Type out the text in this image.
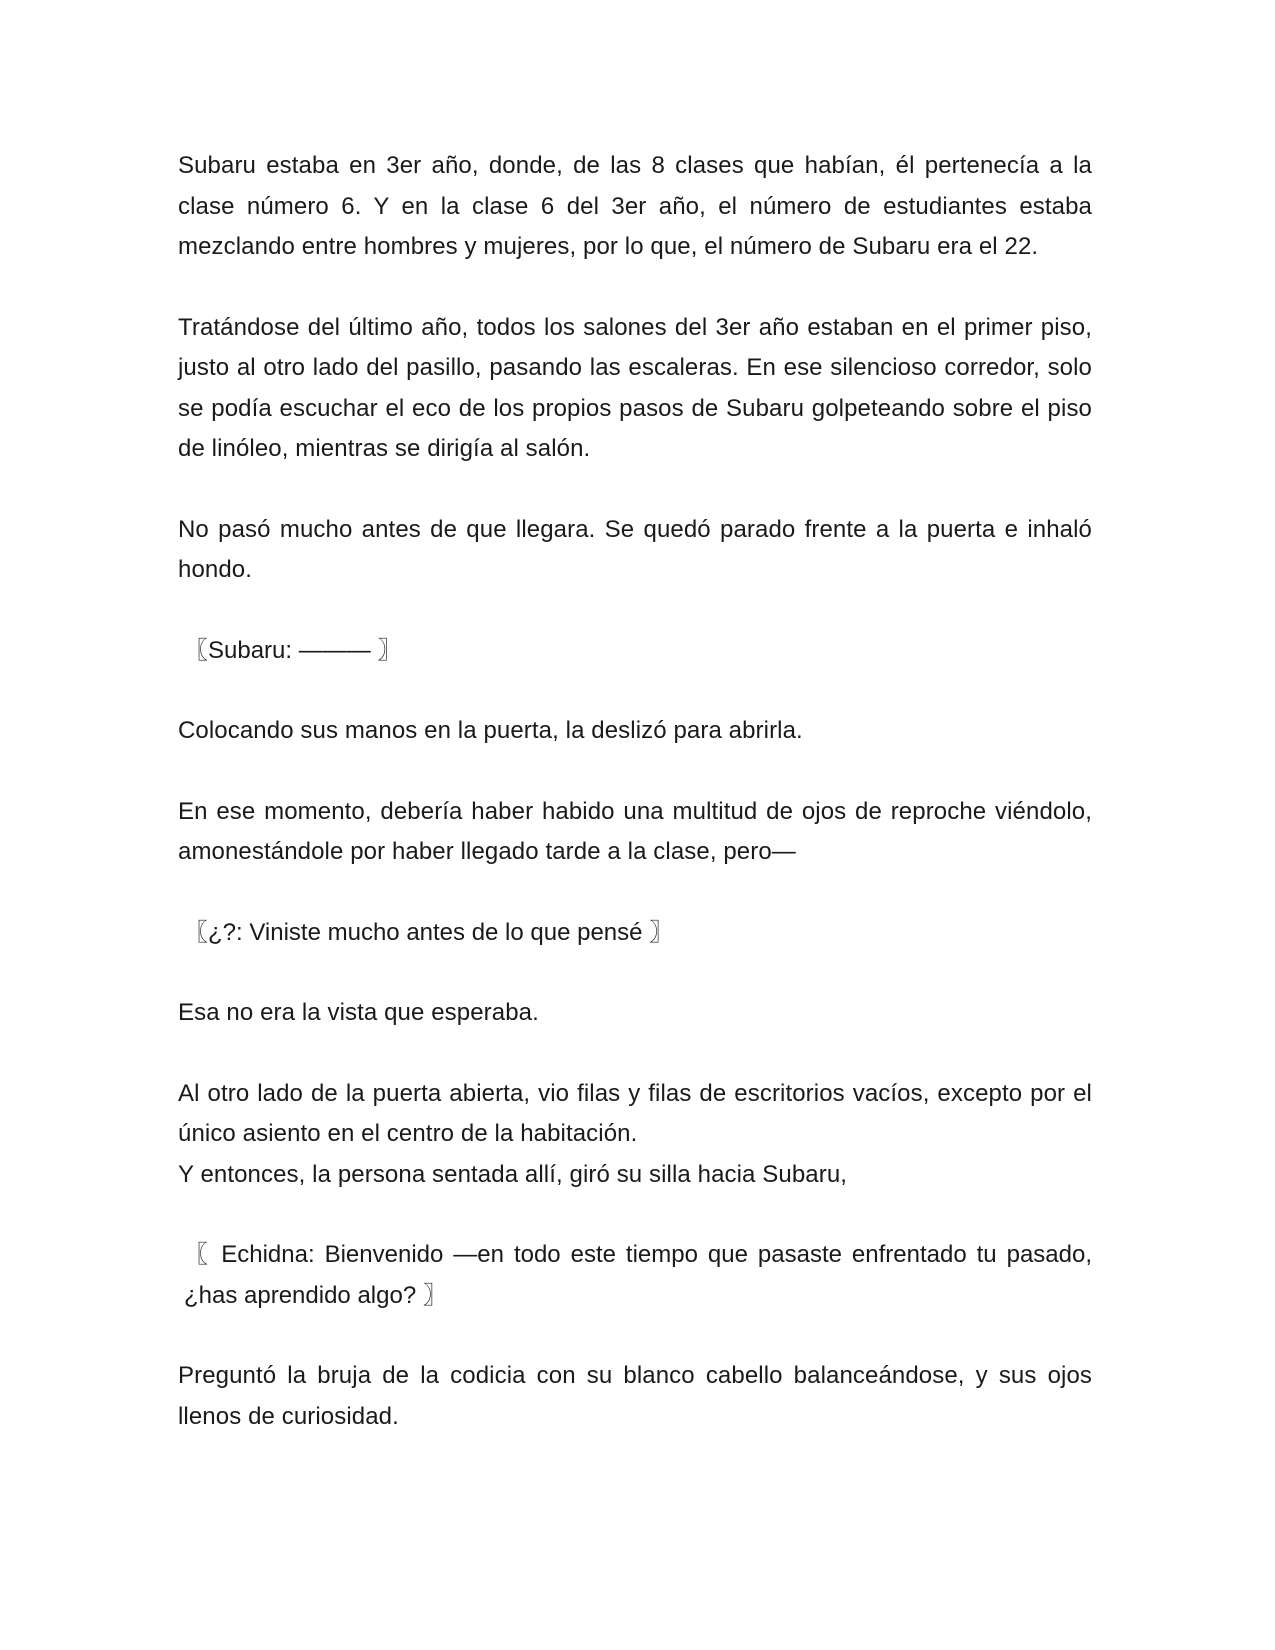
Subaru estaba en 3er año, donde, de las 8 clases que habían, él pertenecía a la clase número 6. Y en la clase 6 del 3er año, el número de estudiantes estaba mezclando entre hombres y mujeres, por lo que, el número de Subaru era el 22.

Tratándose del último año, todos los salones del 3er año estaban en el primer piso, justo al otro lado del pasillo, pasando las escaleras. En ese silencioso corredor, solo se podía escuchar el eco de los propios pasos de Subaru golpeteando sobre el piso de linóleo, mientras se dirigía al salón.

No pasó mucho antes de que llegara. Se quedó parado frente a la puerta e inhaló hondo.

〖Subaru: ——— 〗

Colocando sus manos en la puerta, la deslizó para abrirla.

En ese momento, debería haber habido una multitud de ojos de reproche viéndolo, amonestándole por haber llegado tarde a la clase, pero—

〖¿?: Viniste mucho antes de lo que pensé 〗

Esa no era la vista que esperaba.

Al otro lado de la puerta abierta, vio filas y filas de escritorios vacíos, excepto por el único asiento en el centro de la habitación.

Y entonces, la persona sentada allí, giró su silla hacia Subaru,

〖 Echidna: Bienvenido —en todo este tiempo que pasaste enfrentado tu pasado, ¿has aprendido algo? 〗

Preguntó la bruja de la codicia con su blanco cabello balanceándose, y sus ojos llenos de curiosidad.
